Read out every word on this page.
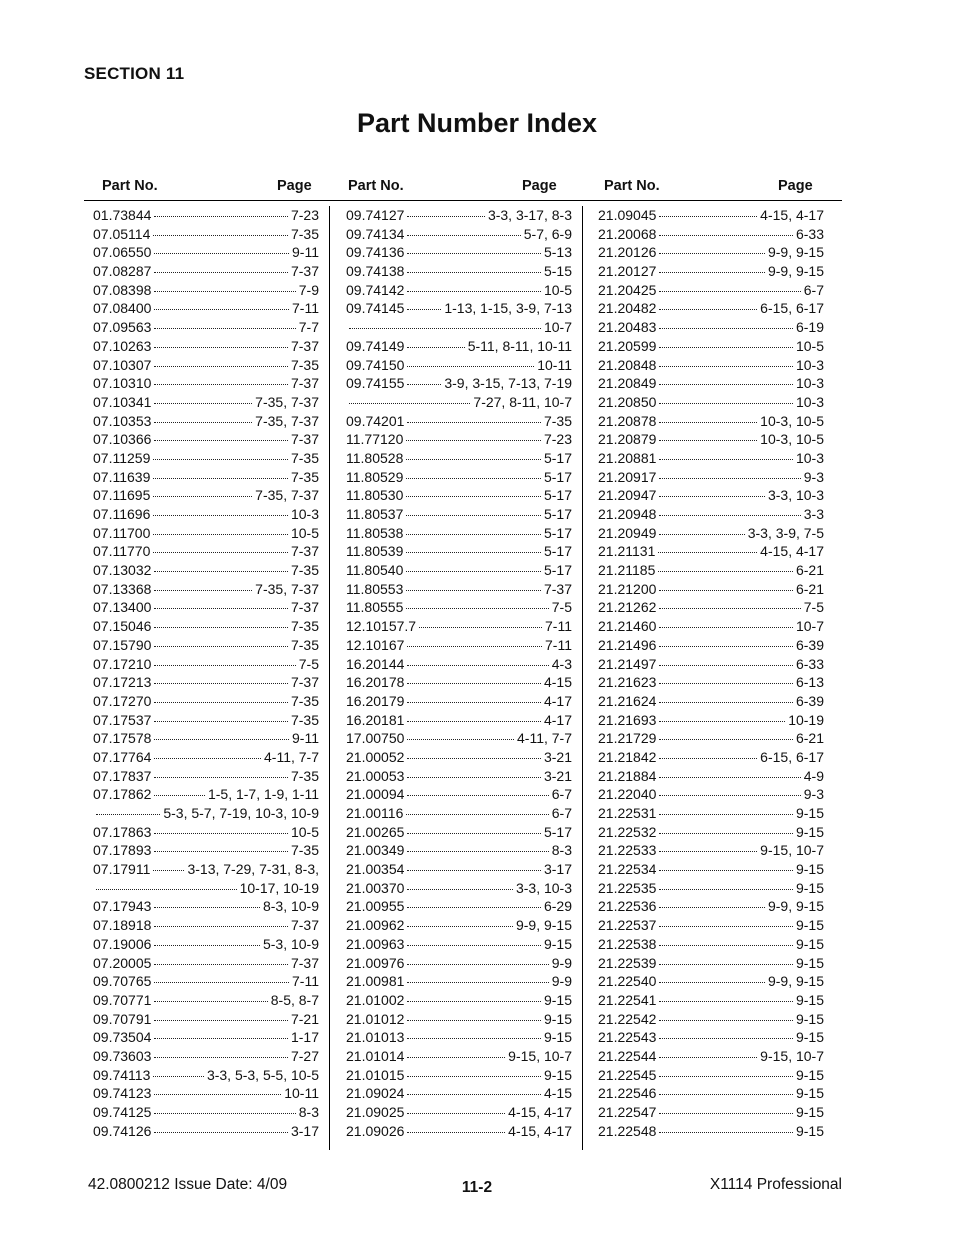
SECTION 11
Part Number Index
Part No.	Page	Part No.	Page	Part No.	Page
01.73844	7-23
07.05114	7-35
07.06550	9-11
07.08287	7-37
07.08398	7-9
07.08400	7-11
07.09563	7-7
07.10263	7-37
07.10307	7-35
07.10310	7-37
07.10341	7-35, 7-37
07.10353	7-35, 7-37
07.10366	7-37
07.11259	7-35
07.11639	7-35
07.11695	7-35, 7-37
07.11696	10-3
07.11700	10-5
07.11770	7-37
07.13032	7-35
07.13368	7-35, 7-37
07.13400	7-37
07.15046	7-35
07.15790	7-35
07.17210	7-5
07.17213	7-37
07.17270	7-35
07.17537	7-35
07.17578	9-11
07.17764	4-11, 7-7
07.17837	7-35
07.17862	1-5, 1-7, 1-9, 1-11
5-3, 5-7, 7-19, 10-3, 10-9
07.17863	10-5
07.17893	7-35
07.17911	3-13, 7-29, 7-31, 8-3,
10-17, 10-19
07.17943	8-3, 10-9
07.18918	7-37
07.19006	5-3, 10-9
07.20005	7-37
09.70765	7-11
09.70771	8-5, 8-7
09.70791	7-21
09.73504	1-17
09.73603	7-27
09.74113	3-3, 5-3, 5-5, 10-5
09.74123	10-11
09.74125	8-3
09.74126	3-17
09.74127	3-3, 3-17, 8-3
09.74134	5-7, 6-9
09.74136	5-13
09.74138	5-15
09.74142	10-5
09.74145	1-13, 1-15, 3-9, 7-13
10-7
09.74149	5-11, 8-11, 10-11
09.74150	10-11
09.74155	3-9, 3-15, 7-13, 7-19
7-27, 8-11, 10-7
09.74201	7-35
11.77120	7-23
11.80528	5-17
11.80529	5-17
11.80530	5-17
11.80537	5-17
11.80538	5-17
11.80539	5-17
11.80540	5-17
11.80553	7-37
11.80555	7-5
12.10157.7	7-11
12.10167	7-11
16.20144	4-3
16.20178	4-15
16.20179	4-17
16.20181	4-17
17.00750	4-11, 7-7
21.00052	3-21
21.00053	3-21
21.00094	6-7
21.00116	6-7
21.00265	5-17
21.00349	8-3
21.00354	3-17
21.00370	3-3, 10-3
21.00955	6-29
21.00962	9-9, 9-15
21.00963	9-15
21.00976	9-9
21.00981	9-9
21.01002	9-15
21.01012	9-15
21.01013	9-15
21.01014	9-15, 10-7
21.01015	9-15
21.09024	4-15
21.09025	4-15, 4-17
21.09026	4-15, 4-17
21.09045	4-15, 4-17
21.20068	6-33
21.20126	9-9, 9-15
21.20127	9-9, 9-15
21.20425	6-7
21.20482	6-15, 6-17
21.20483	6-19
21.20599	10-5
21.20848	10-3
21.20849	10-3
21.20850	10-3
21.20878	10-3, 10-5
21.20879	10-3, 10-5
21.20881	10-3
21.20917	9-3
21.20947	3-3, 10-3
21.20948	3-3
21.20949	3-3, 3-9, 7-5
21.21131	4-15, 4-17
21.21185	6-21
21.21200	6-21
21.21262	7-5
21.21460	10-7
21.21496	6-39
21.21497	6-33
21.21623	6-13
21.21624	6-39
21.21693	10-19
21.21729	6-21
21.21842	6-15, 6-17
21.21884	4-9
21.22040	9-3
21.22531	9-15
21.22532	9-15
21.22533	9-15, 10-7
21.22534	9-15
21.22535	9-15
21.22536	9-9, 9-15
21.22537	9-15
21.22538	9-15
21.22539	9-15
21.22540	9-9, 9-15
21.22541	9-15
21.22542	9-15
21.22543	9-15
21.22544	9-15, 10-7
21.22545	9-15
21.22546	9-15
21.22547	9-15
21.22548	9-15
42.0800212 Issue Date: 4/09	11-2	X1114 Professional
